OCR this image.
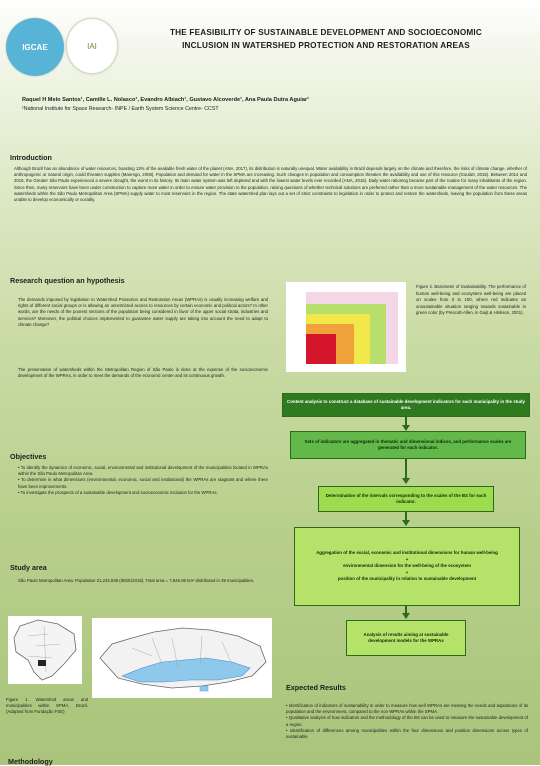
IGCAE	IAI
THE FEASIBILITY OF SUSTAINABLE DEVELOPMENT AND SOCIOECONOMIC
INCLUSION IN WATERSHED PROTECTION AND RESTORATION AREAS
Raquel H Melo Santos¹, Camille L. Nolasco¹, Evandro Albiach¹, Gustavo Alcoverde¹, Ana Paula Dutra Aguiar¹
¹National Institute for Space Research- INPE / Earth System Science Centre- CCST
Introduction
Although Brazil has an abundance of water resources, boasting 13% of the available fresh water of the planet (ANA, 2017), its distribution is naturally unequal. Water availability in Brazil depends largely on the climate and therefore, the risks of climate change, whether of anthropogenic or natural origin, could threaten supplies (Marengo, 2008). Population and demand for water in the SPMA are increasing. Such changes in population and consumption threaten the availability and use of this resource (Goulart, 2015). Between 2014 and 2015, the Greater São Paulo experienced a severe drought, the worst in its history. Its main water system was left depleted and with the lowest water levels ever recorded (ANA, 2015). Daily water rationing became part of the routine for many inhabitants of the region. Since then, many reservoirs have been under construction to capture more water in order to ensure water provision to the population, raising questions of whether technical solutions are preferred rather than a more sustainable management of the water resources. The watersheds within the São Paulo Metropolitan Area (SPMA) supply water to most reservoirs in the region. The state watershed plan lays out a set of strict constraints to legislation in order to protect and restore the watersheds, leaving the population from these areas unable to develop economically or socially.
Research question an hypothesis
The demands imposed by legislation to Watershed Protection and Restoration Areas (WPRAs) is usually increasing welfare and rights of different social groups or is allowing an unrestricted access to resources by certain economic and political actors? In other words, are the needs of the poorest sections of the population being considered in favor of the upper social strata, industries and services? Moreover, the political choices implemented to guarantee water supply are taking into account the need to adapt to climate change?
The preservation of watersheds within the Metropolitan Region of São Paulo is done at the expense of the socioeconomic development of the WPRAs, in order to meet the demands of the economic center and its continuous growth.
Figure 2. Barometer of Sustainability. The performance of human well-being and ecosystem well-being are placed on scales from 0 to 100, where red indicates an unsustainable situation ranging towards sustainable in green color (by Prescott-Allen, in Guijt & Hinkson, 2001).
Content analysis to construct a database of sustainable development indicators for each municipality in the study area.
Sets of indicators are aggregated in thematic and dimensional indices, and performance scales are generated for each indicator.
Determination of the intervals corresponding to the scales of the BS for each indicator.
Aggregation of the social, economic and institutional dimensions for human well-being
+
environmental dimension for the well-being of the ecosystem
+
position of the municipality in relation to sustainable development
Analysis of results aiming at sustainable development models for the WPRAs
Objectives
• To identify the dynamics of economic, social, environmental and institutional development of the municipalities located in WPRAs within the São Paulo Metropolitan Area.
• To determine in what dimensions (environmental, economic, social and institutional) the WPRAs are stagnant and where there have been improvements.
• To investigate the prospects of a sustainable development and socioeconomic inclusion for the WPRAs.
Study area
São Paulo Metropolitan Area: Population 21,242,939 (IBGE/2018). Total area = 7,946.96 km² distributed in 39 municipalities.
Figure 1. Watershed areas and municipalities within SPMA, Brazil. (Adapted from Fundação FSE)
Expected Results
• Identification of indicators of sustainability in order to measure how well WPRAs are meeting the needs and aspirations of its population and the environment, compared to the non WPRAs within the SPMA.
• Qualitative analysis of how indicators and the methodology of the BS can be used to measure the sustainable development of a region.
• Identification of differences among municipalities within the four dimensions and position dimensions across types of sustainable
Methodology
